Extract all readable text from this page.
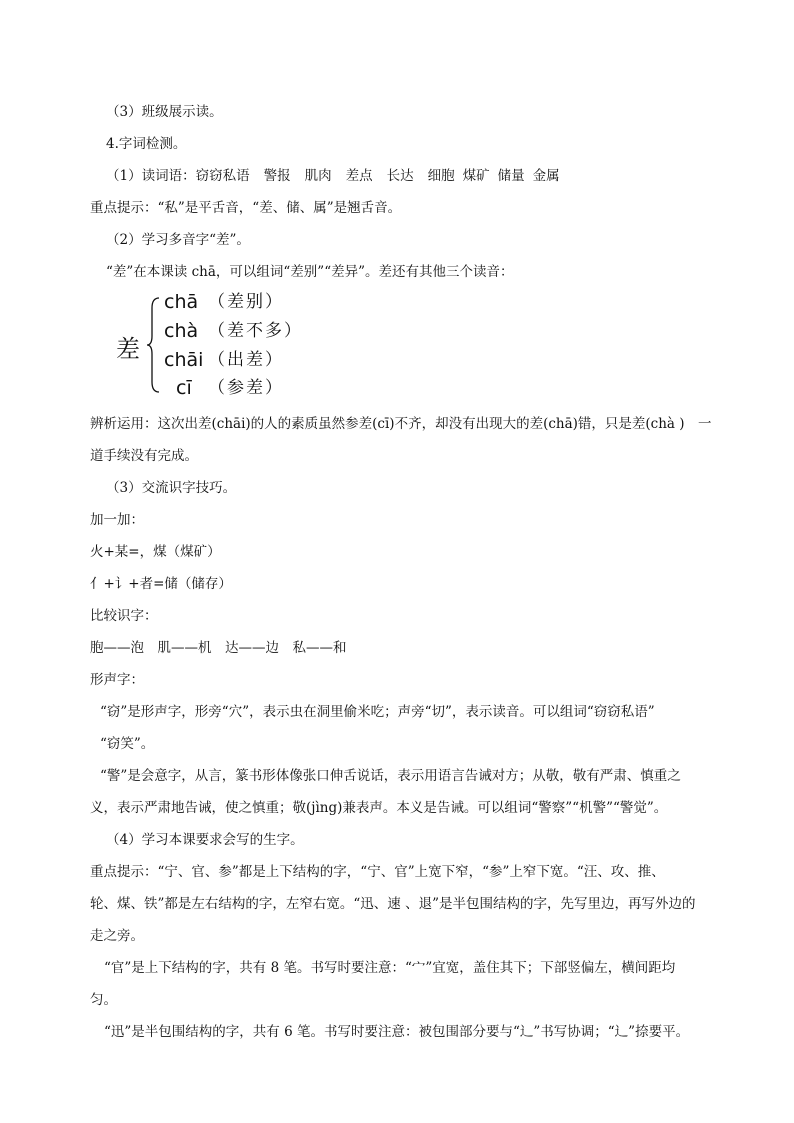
（3）班级展示读。
4.字词检测。
（1）读词语：窃窃私语 警报 肌肉 差点 长达 细胞 煤矿 储量 金属
重点提示：“私”是平舌音，“差、储、属”是翘舌音。
（2）学习多音字“差”。
“差”在本课读 chā，可以组词“差别”“差异”。差还有其他三个读音：
差
chā （差别）
chà （差不多）
chāi （出差）
cī （参差）
辨析运用：这次出差(chāi)的人的素质虽然参差(cī)不齐，却没有出现大的差(chā)错，只是差(chà )　一
道手续没有完成。
（3）交流识字技巧。
加一加：
火+某=，煤（煤矿）
亻+讠+者=储（储存）
比较识字：
胞——泡　肌——机　达——边　私——和
形声字：
“窃”是形声字，形旁“穴”，表示虫在洞里偷米吃；声旁“切”，表示读音。可以组词“窃窃私语”
“窃笑”。
“警”是会意字，从言，篆书形体像张口伸舌说话，表示用语言告诫对方；从敬，敬有严肃、慎重之
义，表示严肃地告诫，使之慎重；敬(jìng)兼表声。本义是告诫。可以组词“警察”“机警”“警觉”。
（4）学习本课要求会写的生字。
重点提示：“宁、官、参”都是上下结构的字，“宁、官”上宽下窄，“参”上窄下宽。“汪、攻、推、
轮、煤、铁”都是左右结构的字，左窄右宽。“迅、速 、退”是半包围结构的字，先写里边，再写外边的
走之旁。
“官”是上下结构的字，共有 8 笔。书写时要注意：“宀”宜宽，盖住其下；下部竖偏左，横间距均
匀。
“迅”是半包围结构的字，共有 6 笔。书写时要注意：被包围部分要与“辶”书写协调；“辶”捺要平。
